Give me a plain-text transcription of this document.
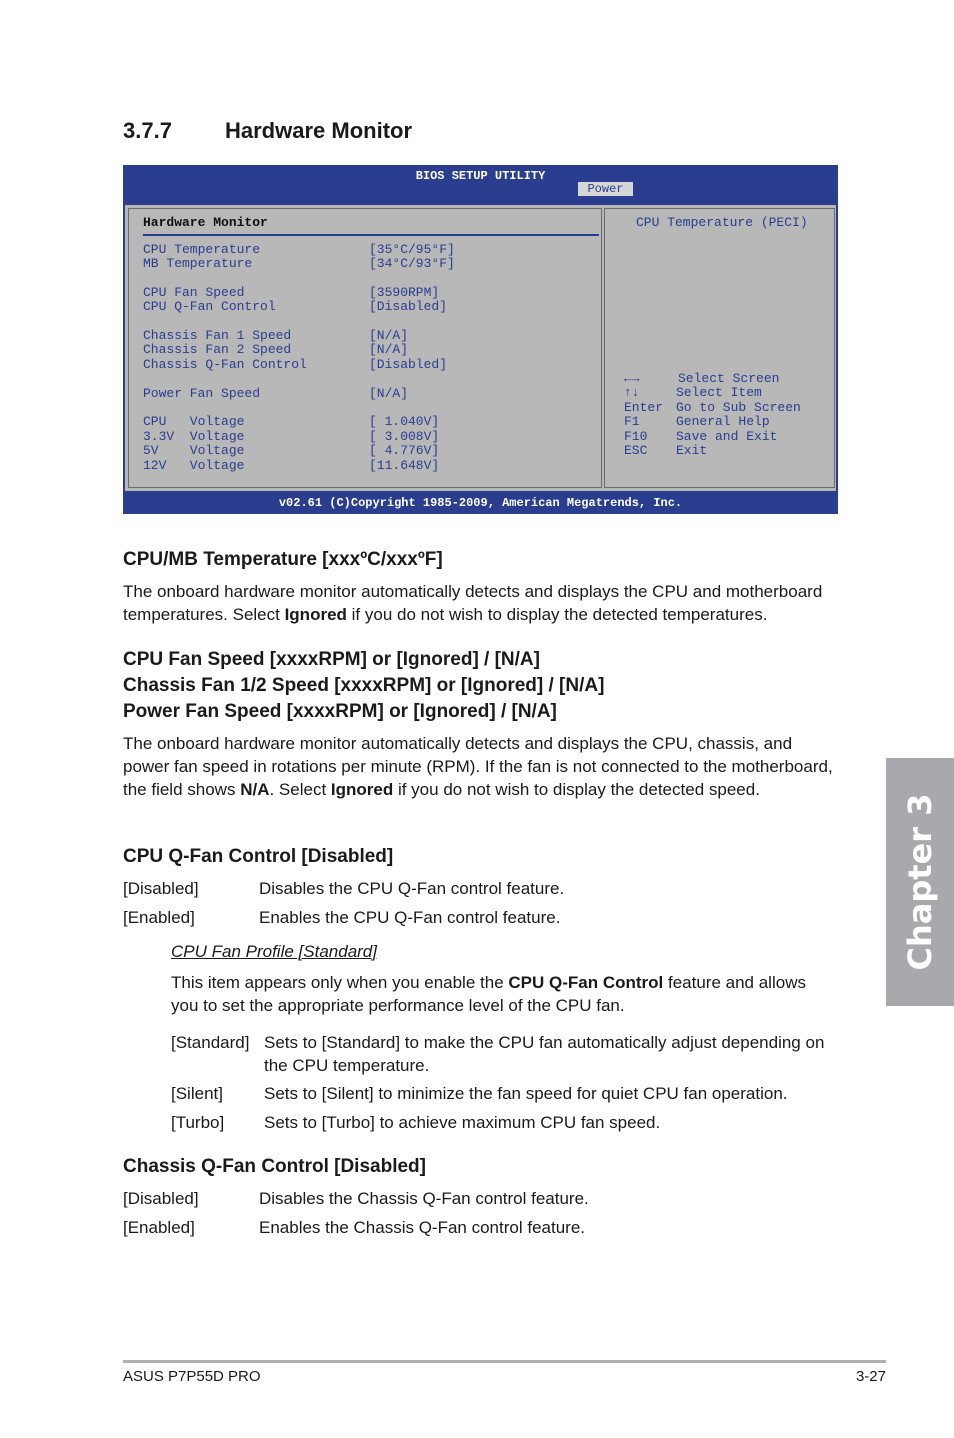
3.7.7 Hardware Monitor
BIOS SETUP UTILITY
Power
Hardware Monitor
CPU Temperature	[35°C/95°F]
MB Temperature	[34°C/93°F]
CPU Fan Speed	[3590RPM]
CPU Q-Fan Control	[Disabled]
Chassis Fan 1 Speed	[N/A]
Chassis Fan 2 Speed	[N/A]
Chassis Q-Fan Control	[Disabled]
Power Fan Speed	[N/A]
CPU   Voltage	[ 1.040V]
3.3V  Voltage	[ 3.008V]
5V    Voltage	[ 4.776V]
12V   Voltage	[11.648V]
CPU Temperature (PECI)
←→	Select Screen
↑↓	Select Item
Enter Go to Sub Screen
F1	General Help
F10 Save and Exit
ESC Exit
v02.61 (C)Copyright 1985-2009, American Megatrends, Inc.
CPU/MB Temperature [xxxºC/xxxºF]
The onboard hardware monitor automatically detects and displays the CPU and motherboard temperatures. Select Ignored if you do not wish to display the detected temperatures.
CPU Fan Speed [xxxxRPM] or [Ignored] / [N/A]
Chassis Fan 1/2 Speed [xxxxRPM] or [Ignored] / [N/A]
Power Fan Speed [xxxxRPM] or [Ignored] / [N/A]
The onboard hardware monitor automatically detects and displays the CPU, chassis, and power fan speed in rotations per minute (RPM). If the fan is not connected to the motherboard, the field shows N/A. Select Ignored if you do not wish to display the detected speed.
CPU Q-Fan Control [Disabled]
[Disabled]	Disables the CPU Q-Fan control feature.
[Enabled]	Enables the CPU Q-Fan control feature.
CPU Fan Profile [Standard]
This item appears only when you enable the CPU Q-Fan Control feature and allows you to set the appropriate performance level of the CPU fan.
[Standard] Sets to [Standard] to make the CPU fan automatically adjust depending on
the CPU temperature.
[Silent] Sets to [Silent] to minimize the fan speed for quiet CPU fan operation.
[Turbo] Sets to [Turbo] to achieve maximum CPU fan speed.
Chassis Q-Fan Control [Disabled]
[Disabled]	Disables the Chassis Q-Fan control feature.
[Enabled]	Enables the Chassis Q-Fan control feature.
Chapter 3
ASUS P7P55D PRO	3-27
